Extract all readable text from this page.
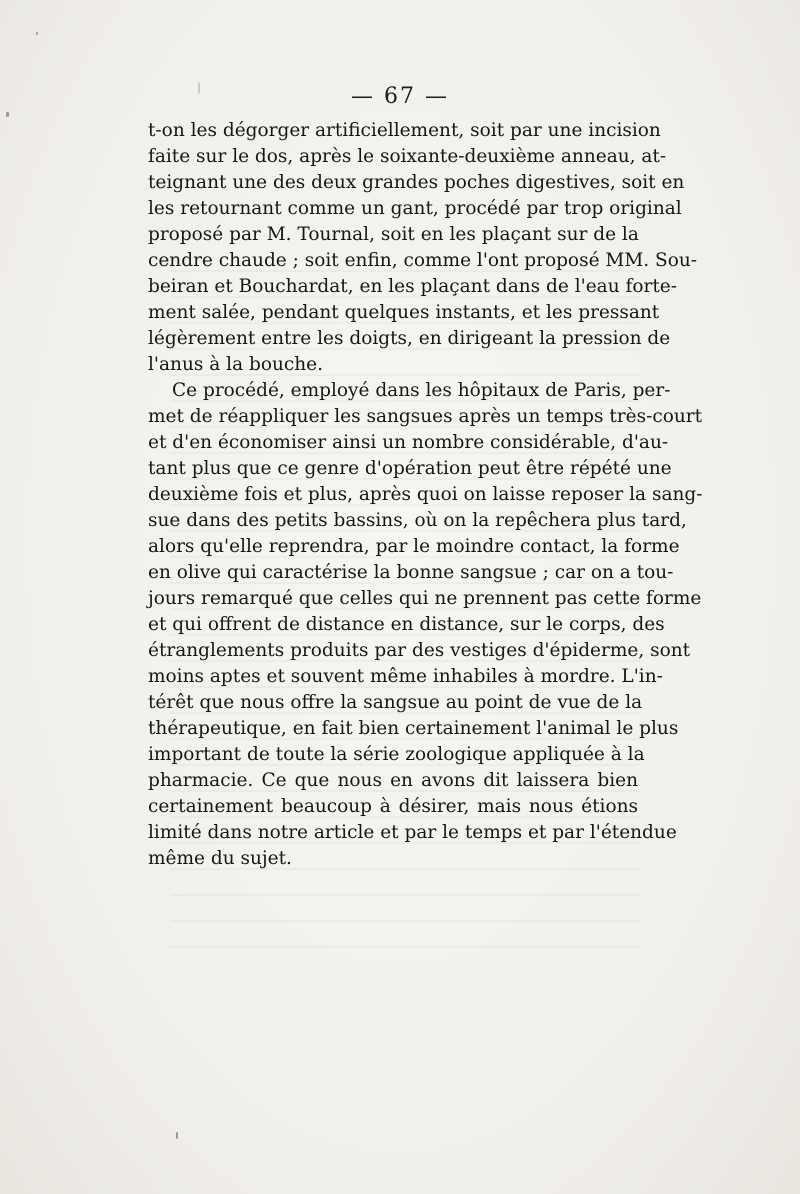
— 67 —

t-on les dégorger artificiellement, soit par une incision
faite sur le dos, après le soixante-deuxième anneau, at-
teignant une des deux grandes poches digestives, soit en
les retournant comme un gant, procédé par trop original
proposé par M. Tournal, soit en les plaçant sur de la
cendre chaude ; soit enfin, comme l'ont proposé MM. Sou-
beiran et Bouchardat, en les plaçant dans de l'eau forte-
ment salée, pendant quelques instants, et les pressant
légèrement entre les doigts, en dirigeant la pression de
l'anus à la bouche.

Ce procédé, employé dans les hôpitaux de Paris, per-
met de réappliquer les sangsues après un temps très-court
et d'en économiser ainsi un nombre considérable, d'au-
tant plus que ce genre d'opération peut être répété une
deuxième fois et plus, après quoi on laisse reposer la sang-
sue dans des petits bassins, où on la repêchera plus tard,
alors qu'elle reprendra, par le moindre contact, la forme
en olive qui caractérise la bonne sangsue ; car on a tou-
jours remarqué que celles qui ne prennent pas cette forme
et qui offrent de distance en distance, sur le corps, des
étranglements produits par des vestiges d'épiderme, sont
moins aptes et souvent même inhabiles à mordre. L'in-
térêt que nous offre la sangsue au point de vue de la
thérapeutique, en fait bien certainement l'animal le plus
important de toute la série zoologique appliquée à la
pharmacie. Ce que nous en avons dit laissera bien
certainement beaucoup à désirer, mais nous étions
limité dans notre article et par le temps et par l'étendue
même du sujet.
